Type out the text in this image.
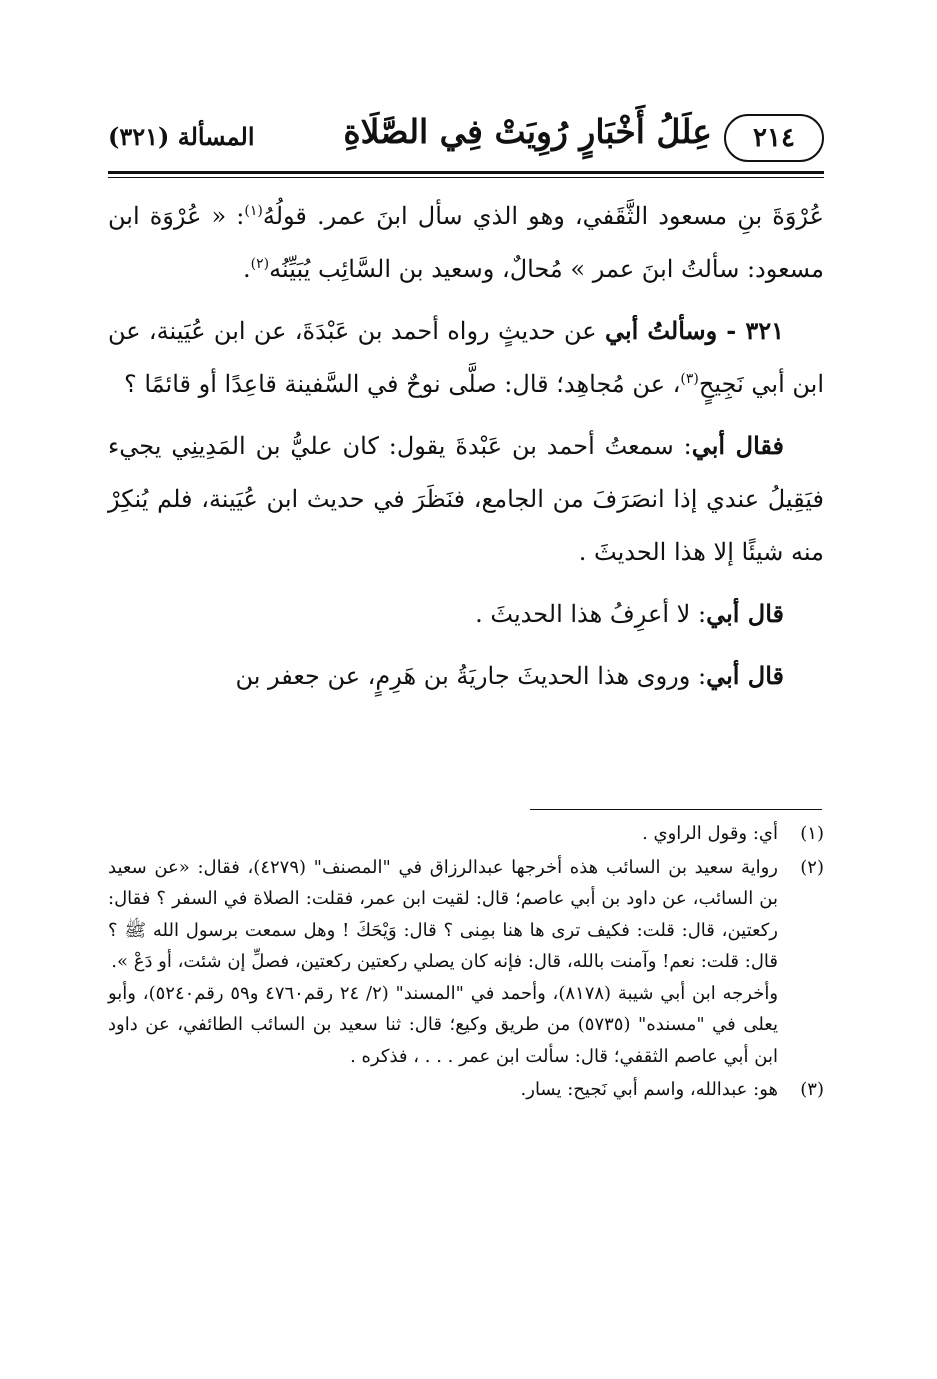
٢١٤
عِلَلُ أَخْبَارٍ رُوِيَتْ فِي الصَّلَاةِ
المسألة (٣٢١)

عُرْوَةَ بنِ مسعود الثَّقَفي، وهو الذي سأل ابنَ عمر. قولُهُ$^{(١)}$: « عُرْوَة ابن مسعود: سألتُ ابنَ عمر » مُحالٌ، وسعيد بن السَّائِب يُبَيِّنُه$^{(٢)}$.

٣٢١ - وسألتُ أبي عن حديثٍ رواه أحمد بن عَبْدَةَ، عن ابن عُيَينة، عن ابن أبي نَجِيحٍ$^{(٣)}$، عن مُجاهِد؛ قال: صلَّى نوحٌ في السَّفينة قاعِدًا أو قائمًا ؟

فقال أبي: سمعتُ أحمد بن عَبْدةَ يقول: كان عليُّ بن المَدِينِي يجيء فيَقِيلُ عندي إذا انصَرَفَ من الجامع، فنَظَرَ في حديث ابن عُيَينة، فلم يُنكِرْ منه شيئًا إلا هذا الحديثَ .

قال أبي: لا أعرِفُ هذا الحديثَ .

قال أبي: وروى هذا الحديثَ جاريَةُ بن هَرِمٍ، عن جعفر بن

(١)
أي: وقول الراوي .

(٢)
رواية سعيد بن السائب هذه أخرجها عبدالرزاق في "المصنف" (٤٢٧٩)، فقال: «عن سعيد بن السائب، عن داود بن أبي عاصم؛ قال: لقيت ابن عمر، فقلت: الصلاة في السفر ؟ فقال: ركعتين، قال: قلت: فكيف ترى ها هنا بمِنى ؟ قال: وَيْحَكَ ! وهل سمعت برسول الله ﷺ ؟ قال: قلت: نعم! وآمنت بالله، قال: فإنه كان يصلي ركعتين ركعتين، فصلِّ إن شئت، أو دَعْ ».

وأخرجه ابن أبي شيبة (٨١٧٨)، وأحمد في "المسند" (٢/ ٢٤ رقم٤٧٦٠ و٥٩ رقم٥٢٤٠)، وأبو يعلى في "مسنده" (٥٧٣٥) من طريق وكيع؛ قال: ثنا سعيد بن السائب الطائفي، عن داود ابن أبي عاصم الثقفي؛ قال: سألت ابن عمر . . . ، فذكره .

(٣)
هو: عبدالله، واسم أبي نَجيح: يسار.
